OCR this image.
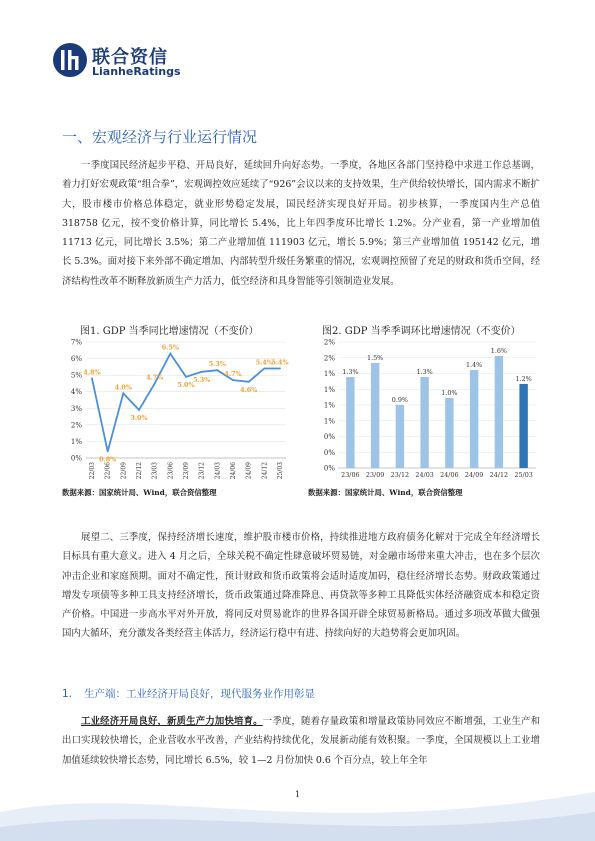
联合资信
LianheRatings
一、宏观经济与行业运行情况

一季度国民经济起步平稳、开局良好，延续回升向好态势。一季度，各地区各部门坚持稳中求进工作总基调，着力打好宏观政策“组合拳”，宏观调控效应延续了“926”会议以来的支持效果，生产供给较快增长，国内需求不断扩大，股市楼市价格总体稳定，就业形势稳定发展，国民经济实现良好开局。初步核算，一季度国内生产总值 318758 亿元，按不变价格计算，同比增长 5.4%，比上年四季度环比增长 1.2%。分产业看，第一产业增加值 11713 亿元，同比增长 3.5%；第二产业增加值 111903 亿元，增长 5.9%；第三产业增加值 195142 亿元，增长 5.3%。面对接下来外部不确定增加、内部转型升级任务繁重的情况，宏观调控预留了充足的财政和货币空间，经济结构性改革不断释放新质生产力活力，低空经济和具身智能等引领制造业发展。

图1. GDP 当季同比增速情况（不变价）	图2. GDP 当季季调环比增速情况（不变价）
0%
1%
2%
3%
4%
5%
6%
7%
4.8%
22/03
0.8%
22/06
4.0%
22/09
3.0%
22/12
4.7%
23/03
6.5%
23/06
5.0%
23/09
5.3%
23/12
5.3%
24/03
4.7%
24/06
4.6%
24/09
5.4%
24/12
5.4%
25/03	0%
0%
0%
1%
1%
1%
1%
2%
2%
1.3%
23/06
1.5%
23/09
0.9%
23/12
1.3%
24/03
1.0%
24/06
1.4%
24/09
1.6%
24/12
1.2%
25/03
数据来源：国家统计局、Wind，联合资信整理	数据来源：国家统计局、Wind，联合资信整理

展望二、三季度，保持经济增长速度，维护股市楼市价格，持续推进地方政府债务化解对于完成全年经济增长目标具有重大意义。进入 4 月之后，全球关税不确定性肆意破坏贸易链，对金融市场带来重大冲击，也在多个层次冲击企业和家庭预期。面对不确定性，预计财政和货币政策将会适时适度加码，稳住经济增长态势。财政政策通过增发专项债等多种工具支持经济增长，货币政策通过降准降息、再贷款等多种工具降低实体经济融资成本和稳定资产价格。中国进一步高水平对外开放，将同反对贸易讹诈的世界各国开辟全球贸易新格局。通过多项改革做大做强国内大循环，充分激发各类经营主体活力，经济运行稳中有进、持续向好的大趋势将会更加巩固。

1. 生产端：工业经济开局良好，现代服务业作用彰显

工业经济开局良好，新质生产力加快培育。一季度，随着存量政策和增量政策协同效应不断增强，工业生产和出口实现较快增长，企业营收水平改善，产业结构持续优化，发展新动能有效积聚。一季度，全国规模以上工业增加值延续较快增长态势，同比增长 6.5%，较 1—2 月份加快 0.6 个百分点，较上年全年

1
